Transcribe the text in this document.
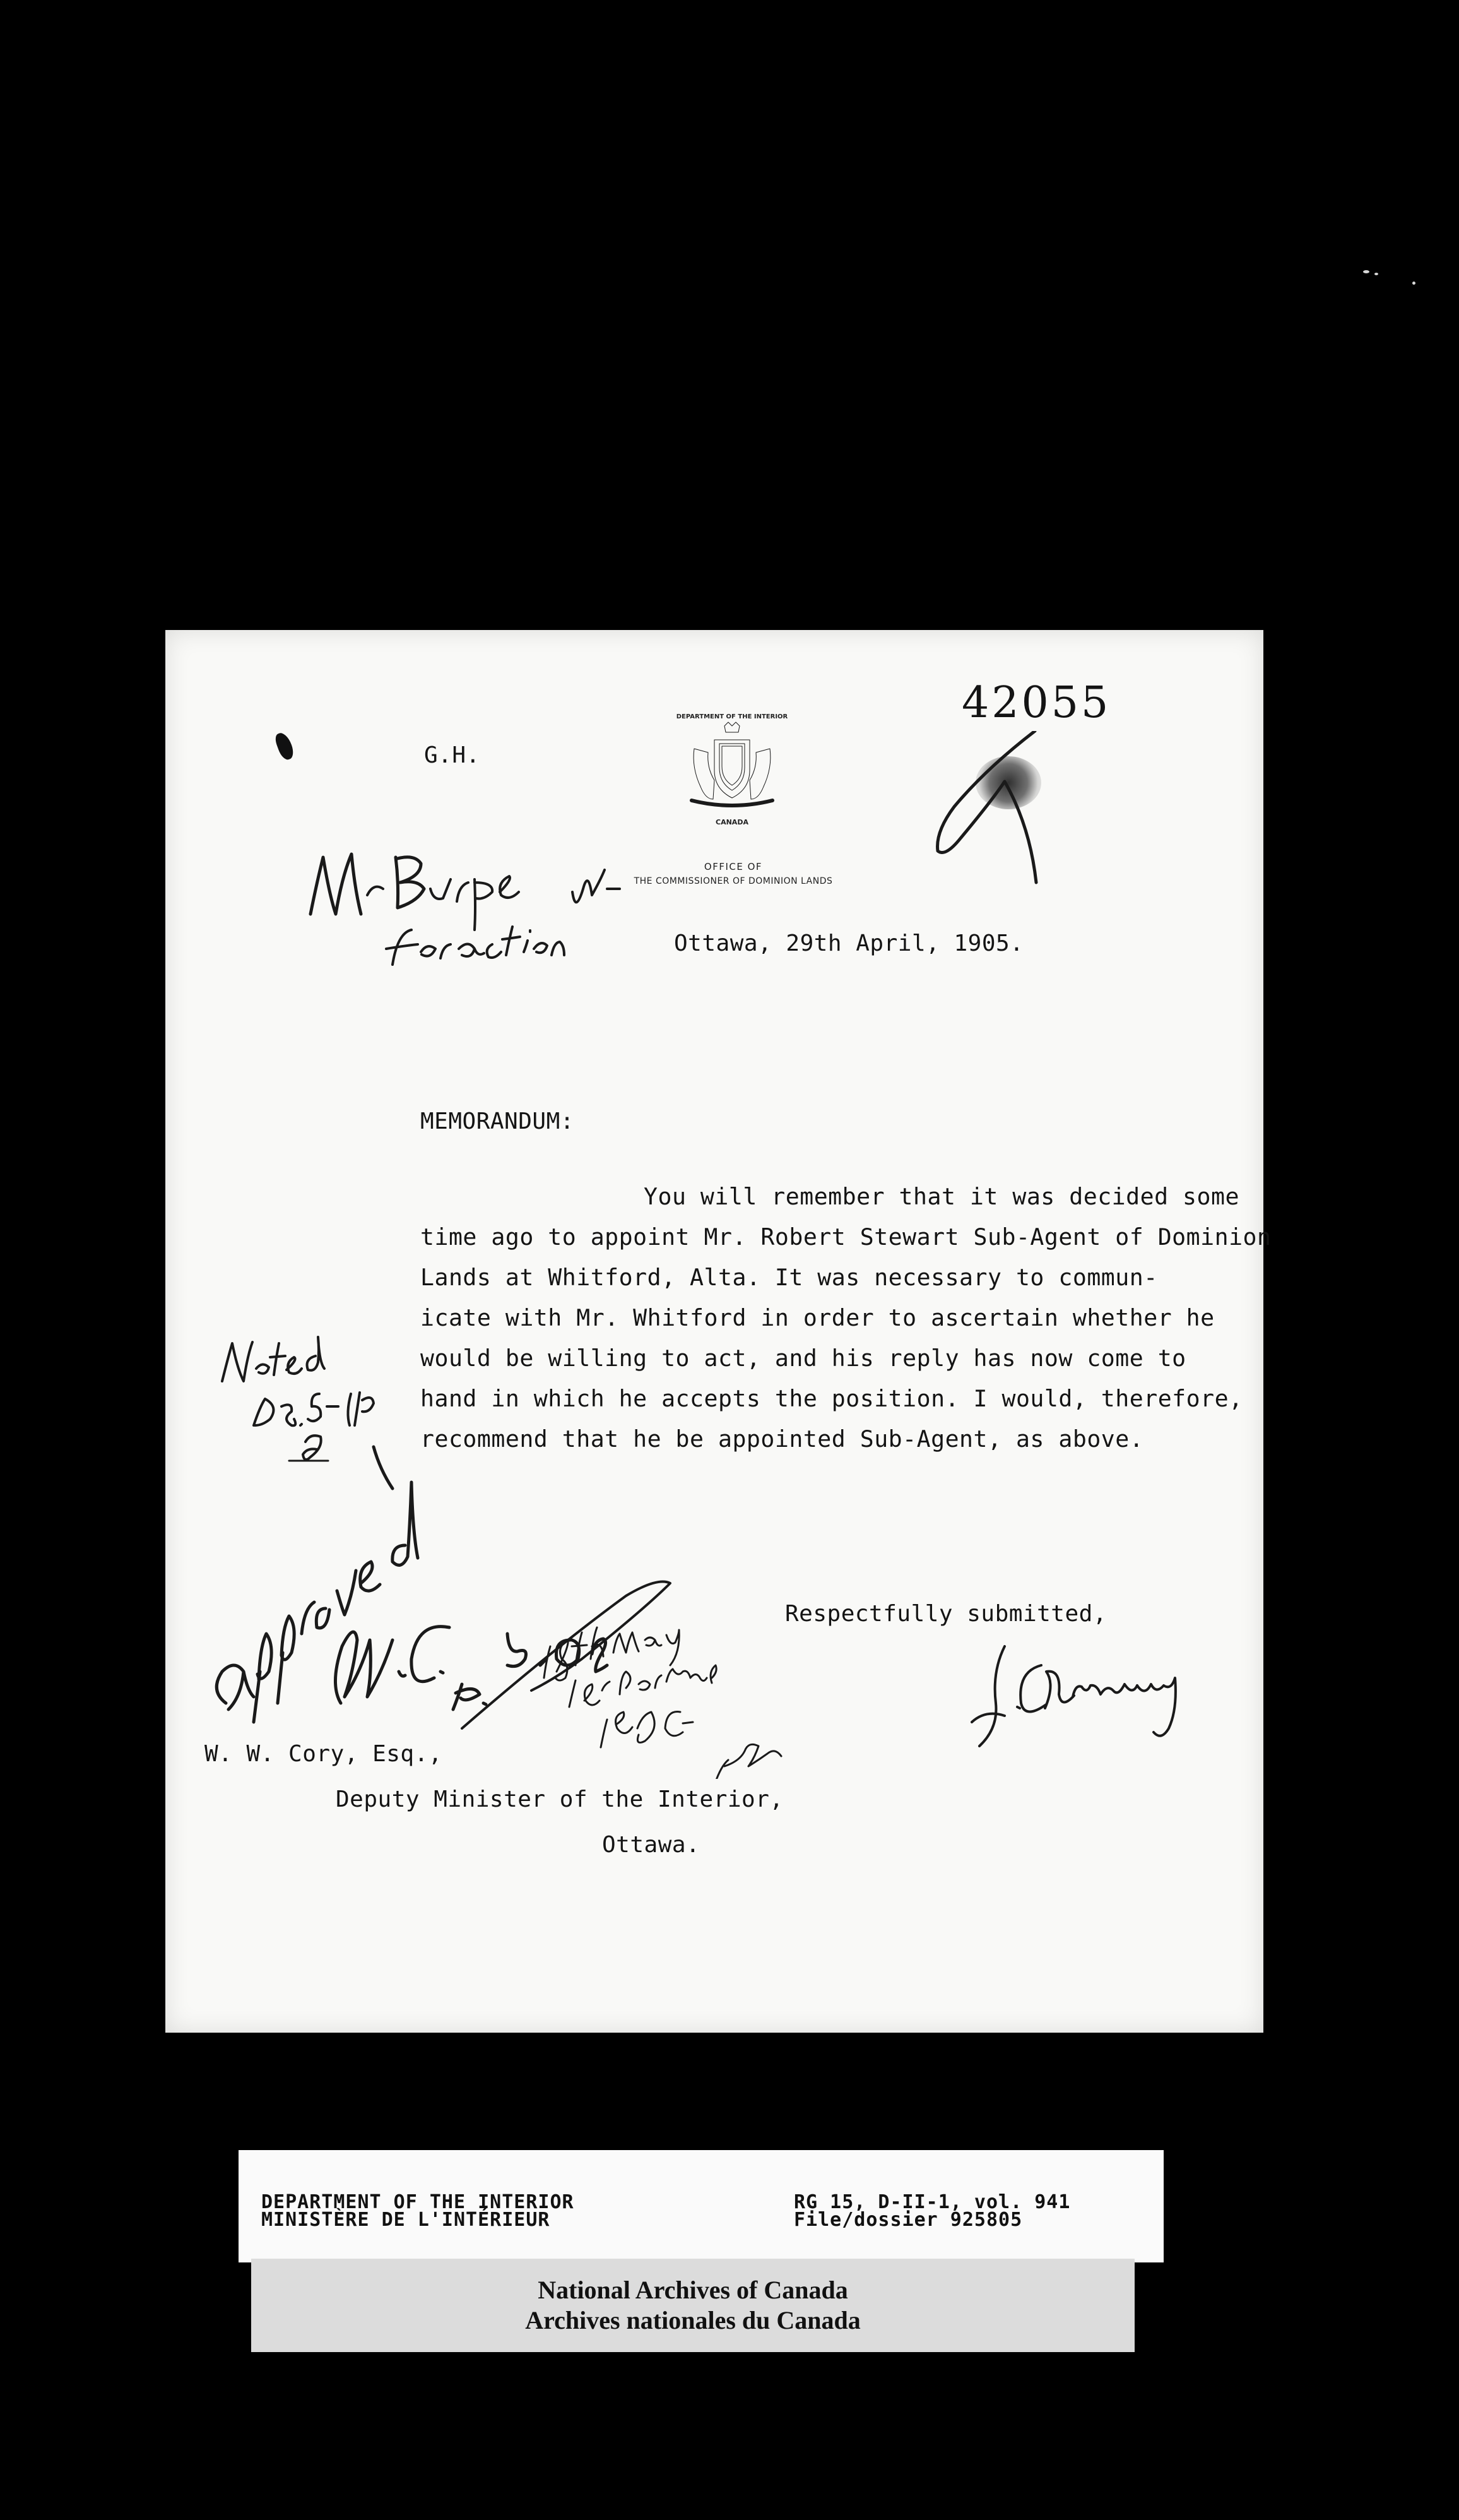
42055
G.H.
DEPARTMENT OF THE INTERIOR
CANADA
OFFICE OF
THE COMMISSIONER OF DOMINION LANDS
Ottawa, 29th April, 1905.
MEMORANDUM:
You will remember that it was decided some
time ago to appoint Mr. Robert Stewart Sub-Agent of Dominion
Lands at Whitford, Alta. It was necessary to commun-
icate with Mr. Whitford in order to ascertain whether he
would be willing to act, and his reply has now come to
hand in which he accepts the position. I would, therefore,
recommend that he be appointed Sub-Agent, as above.
Respectfully submitted,
W. W. Cory, Esq.,
Deputy Minister of the Interior,
Ottawa.
DEPARTMENT OF THE INTERIOR
MINISTÈRE DE L'INTÉRIEUR
RG 15, D-II-1, vol. 941
File/dossier 925805
National Archives of Canada
Archives nationales du Canada
